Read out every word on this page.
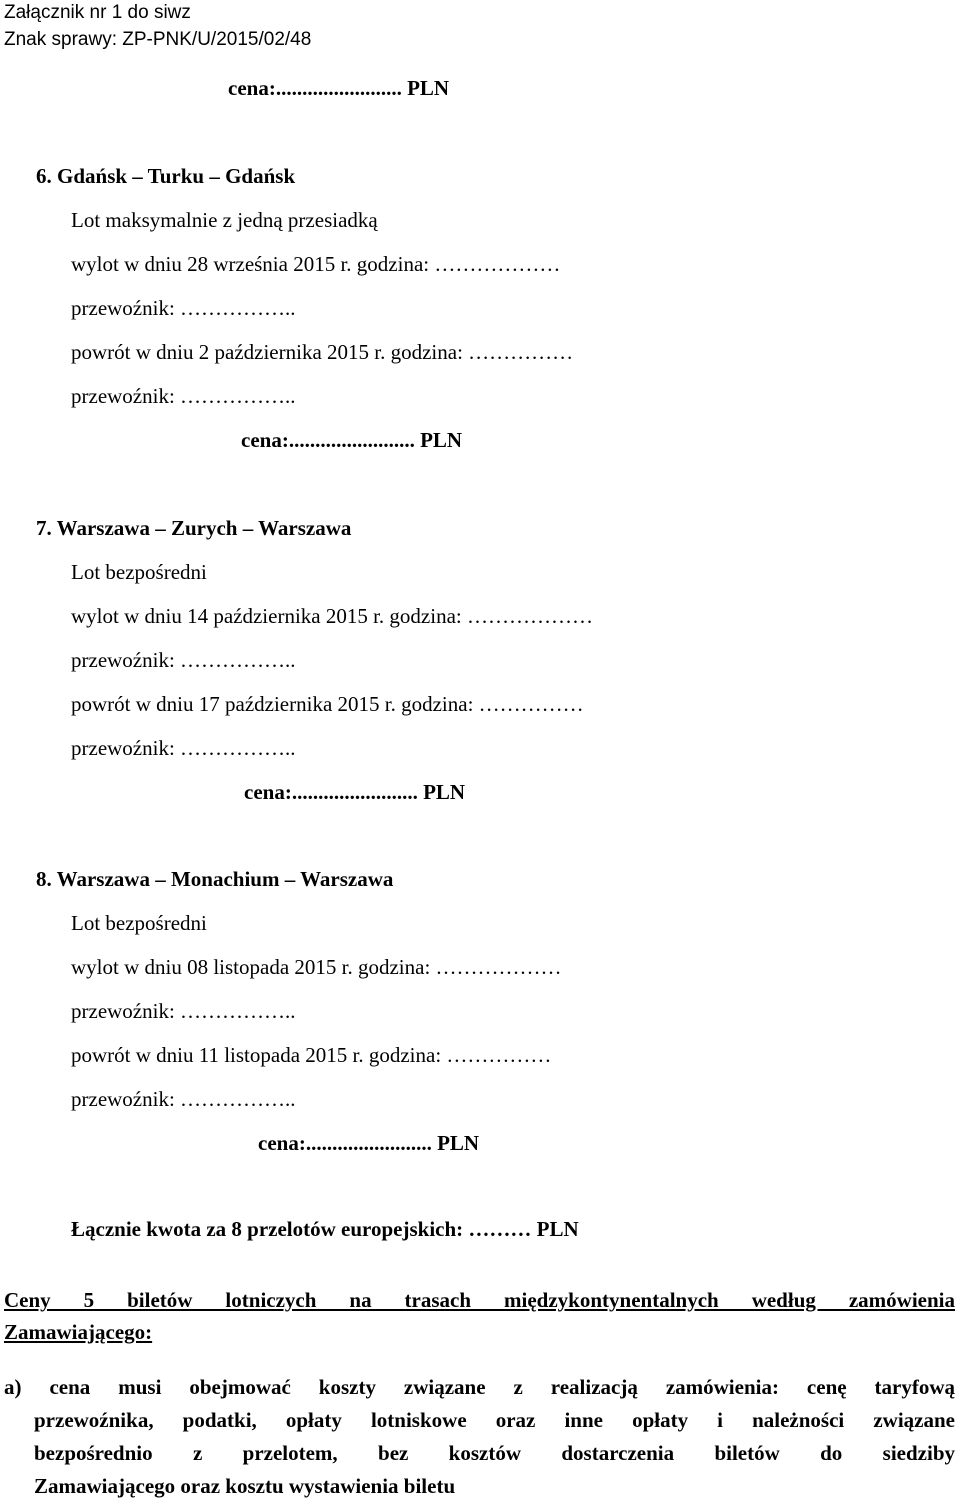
Załącznik nr 1 do siwz
Znak sprawy: ZP-PNK/U/2015/02/48
cena:........................ PLN
6. Gdańsk – Turku – Gdańsk
Lot maksymalnie z jedną przesiadką
wylot w dniu 28 września 2015 r. godzina: ………………
przewoźnik: ……………..
powrót w dniu 2 października 2015 r. godzina: ……………
przewoźnik: ……………..
cena:........................ PLN
7. Warszawa – Zurych – Warszawa
Lot bezpośredni
wylot w dniu 14 października 2015 r. godzina: ………………
przewoźnik: ……………..
powrót w dniu 17 października 2015 r. godzina: ……………
przewoźnik: ……………..
cena:........................ PLN
8. Warszawa – Monachium – Warszawa
Lot bezpośredni
wylot w dniu 08 listopada 2015 r. godzina: ………………
przewoźnik: ……………..
powrót w dniu 11 listopada 2015 r. godzina: ……………
przewoźnik: ……………..
cena:........................ PLN
Łącznie kwota za 8 przelotów europejskich: ……… PLN
Ceny 5 biletów lotniczych na trasach międzykontynentalnych według zamówienia
Zamawiającego:
a) cena musi obejmować koszty związane z realizacją zamówienia: cenę taryfową
przewoźnika, podatki, opłaty lotniskowe oraz inne opłaty i należności związane
bezpośrednio z przelotem, bez kosztów dostarczenia biletów do siedziby
Zamawiającego oraz kosztu wystawienia biletu
